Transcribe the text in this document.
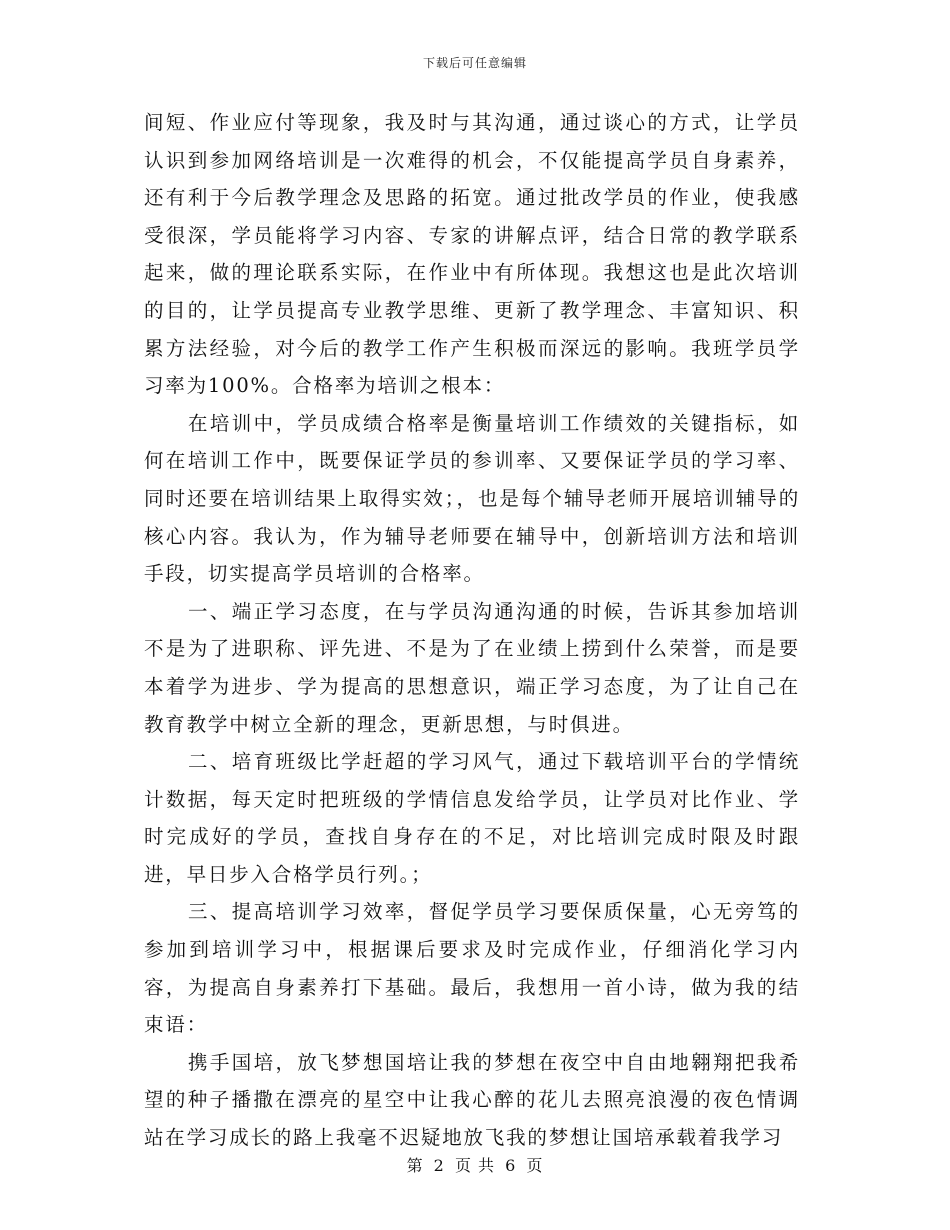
下载后可任意编辑

间短、作业应付等现象，我及时与其沟通，通过谈心的方式，让学员认识到参加网络培训是一次难得的机会，不仅能提高学员自身素养，还有利于今后教学理念及思路的拓宽。通过批改学员的作业，使我感受很深，学员能将学习内容、专家的讲解点评，结合日常的教学联系起来，做的理论联系实际，在作业中有所体现。我想这也是此次培训的目的，让学员提高专业教学思维、更新了教学理念、丰富知识、积累方法经验，对今后的教学工作产生积极而深远的影响。我班学员学习率为100%。合格率为培训之根本：

在培训中，学员成绩合格率是衡量培训工作绩效的关键指标，如何在培训工作中，既要保证学员的参训率、又要保证学员的学习率、同时还要在培训结果上取得实效；，也是每个辅导老师开展培训辅导的核心内容。我认为，作为辅导老师要在辅导中，创新培训方法和培训手段，切实提高学员培训的合格率。

一、端正学习态度，在与学员沟通沟通的时候，告诉其参加培训不是为了进职称、评先进、不是为了在业绩上捞到什么荣誉，而是要本着学为进步、学为提高的思想意识，端正学习态度，为了让自己在教育教学中树立全新的理念，更新思想，与时俱进。

二、培育班级比学赶超的学习风气，通过下载培训平台的学情统计数据，每天定时把班级的学情信息发给学员，让学员对比作业、学时完成好的学员，查找自身存在的不足，对比培训完成时限及时跟进，早日步入合格学员行列。；

三、提高培训学习效率，督促学员学习要保质保量，心无旁笃的参加到培训学习中，根据课后要求及时完成作业，仔细消化学习内容，为提高自身素养打下基础。最后，我想用一首小诗，做为我的结束语：

携手国培，放飞梦想国培让我的梦想在夜空中自由地翱翔把我希望的种子播撒在漂亮的星空中让我心醉的花儿去照亮浪漫的夜色情调站在学习成长的路上我毫不迟疑地放飞我的梦想让国培承载着我学习

第 2 页 共 6 页
